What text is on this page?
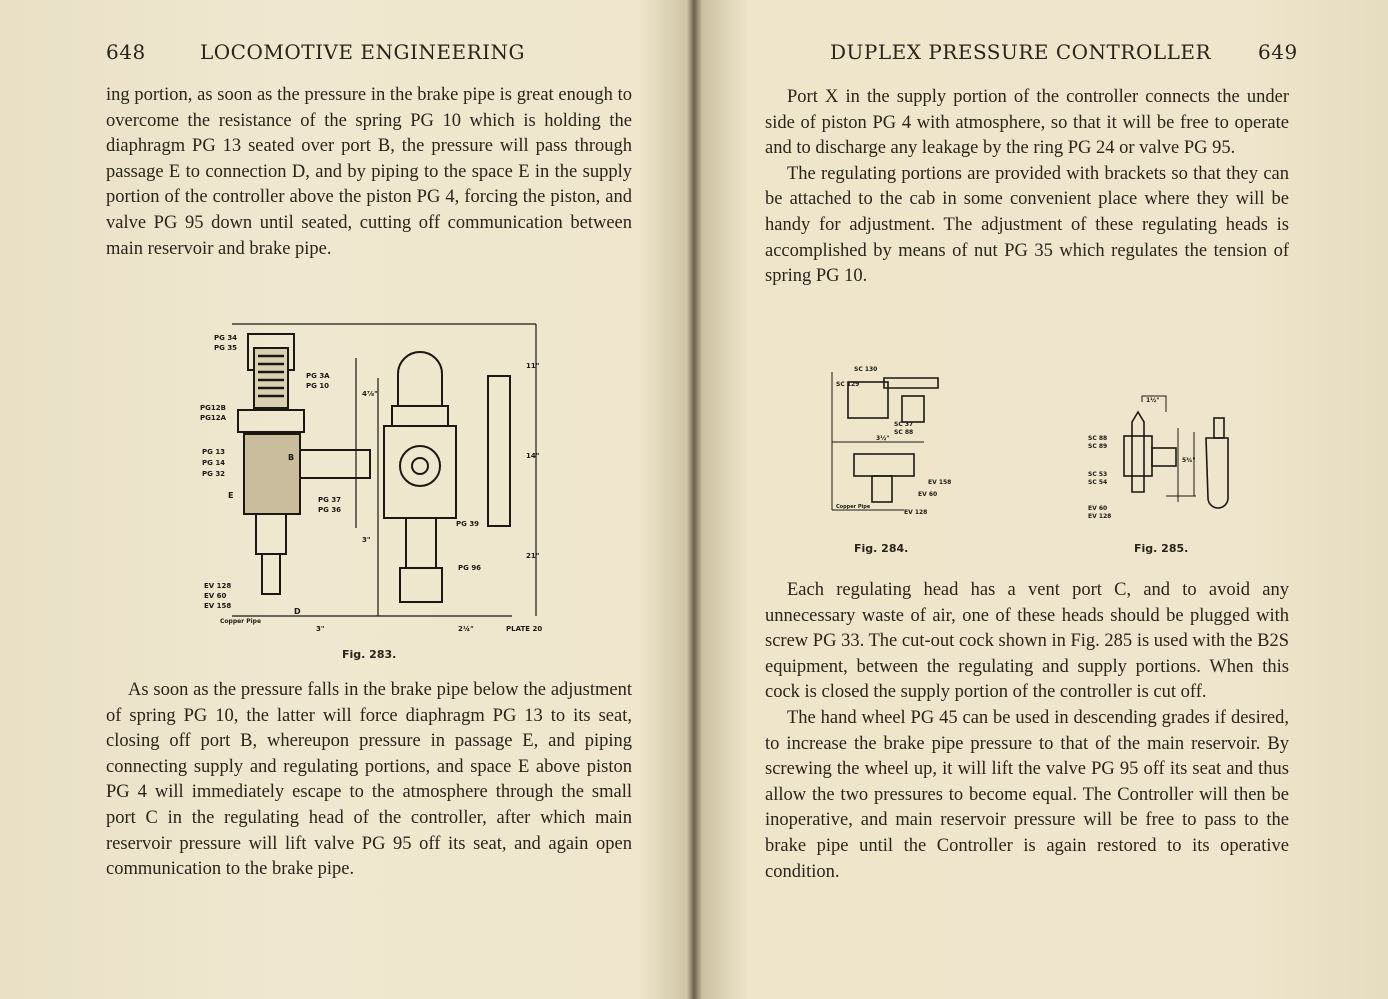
648	LOCOMOTIVE ENGINEERING

ing portion, as soon as the pressure in the brake pipe is great enough to overcome the resistance of the spring PG 10 which is holding the diaphragm PG 13 seated over port B, the pressure will pass through passage E to connection D, and by piping to the space E in the supply portion of the controller above the piston PG 4, forcing the piston, and valve PG 95 down until seated, cutting off communication between main reservoir and brake pipe.

PG 34
PG 35
PG 3A
PG 10
PG12B
PG12A
PG 13
PG 14
PG 32
E
B
PG 37
PG 36
PG 39
PG 96
EV 128
EV 60
EV 158
D
Copper Pipe
3"	2¼"	PLATE 20
4⅞"
3"
14"
11"
21"
Fig. 283.

As soon as the pressure falls in the brake pipe below the adjustment of spring PG 10, the latter will force diaphragm PG 13 to its seat, closing off port B, whereupon pressure in passage E, and piping connecting supply and regulating portions, and space E above piston PG 4 will immediately escape to the atmosphere through the small port C in the regulating head of the controller, after which main reservoir pressure will lift valve PG 95 off its seat, and again open communication to the brake pipe.

DUPLEX PRESSURE CONTROLLER 649

Port X in the supply portion of the controller connects the under side of piston PG 4 with atmosphere, so that it will be free to operate and to discharge any leakage by the ring PG 24 or valve PG 95.

The regulating portions are provided with brackets so that they can be attached to the cab in some convenient place where they will be handy for adjustment. The adjustment of these regulating heads is accomplished by means of nut PG 35 which regulates the tension of spring PG 10.

SC 130
SC 129
SC 37
SC 88
3½"
EV 158
EV 60
EV 128
Copper Pipe
Fig. 284.
SC 88
SC 89
SC 53
SC 54
EV 60
EV 128
1½"
5¾"
Fig. 285.

Each regulating head has a vent port C, and to avoid any unnecessary waste of air, one of these heads should be plugged with screw PG 33. The cut-out cock shown in Fig. 285 is used with the B2S equipment, between the regulating and supply portions. When this cock is closed the supply portion of the controller is cut off.

The hand wheel PG 45 can be used in descending grades if desired, to increase the brake pipe pressure to that of the main reservoir. By screwing the wheel up, it will lift the valve PG 95 off its seat and thus allow the two pressures to become equal. The Controller will then be inoperative, and main reservoir pressure will be free to pass to the brake pipe until the Controller is again restored to its operative condition.
